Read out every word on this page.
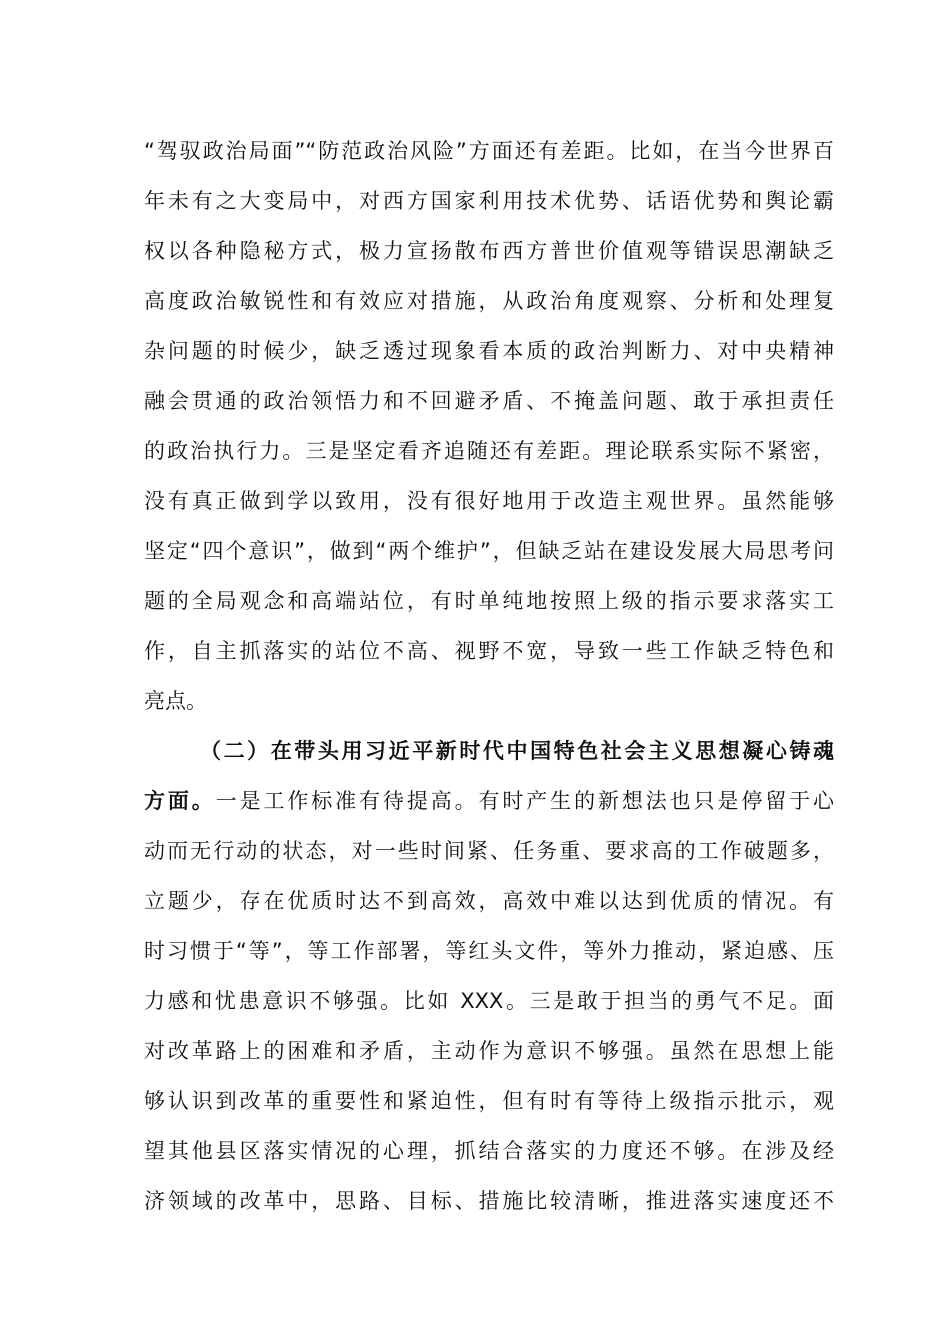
“驾驭政治局面”“防范政治风险”方面还有差距。比如，在当今世界百
年未有之大变局中，对西方国家利用技术优势、话语优势和舆论霸
权以各种隐秘方式，极力宣扬散布西方普世价值观等错误思潮缺乏
高度政治敏锐性和有效应对措施，从政治角度观察、分析和处理复
杂问题的时候少，缺乏透过现象看本质的政治判断力、对中央精神
融会贯通的政治领悟力和不回避矛盾、不掩盖问题、敢于承担责任
的政治执行力。三是坚定看齐追随还有差距。理论联系实际不紧密，
没有真正做到学以致用，没有很好地用于改造主观世界。虽然能够
坚定“四个意识”，做到“两个维护”，但缺乏站在建设发展大局思考问
题的全局观念和高端站位，有时单纯地按照上级的指示要求落实工
作，自主抓落实的站位不高、视野不宽，导致一些工作缺乏特色和
亮点。
（二）在带头用习近平新时代中国特色社会主义思想凝心铸魂
方面。一是工作标准有待提高。有时产生的新想法也只是停留于心
动而无行动的状态，对一些时间紧、任务重、要求高的工作破题多，
立题少，存在优质时达不到高效，高效中难以达到优质的情况。有
时习惯于“等”，等工作部署，等红头文件，等外力推动，紧迫感、压
力感和忧患意识不够强。比如 XXX。三是敢于担当的勇气不足。面
对改革路上的困难和矛盾，主动作为意识不够强。虽然在思想上能
够认识到改革的重要性和紧迫性，但有时有等待上级指示批示，观
望其他县区落实情况的心理，抓结合落实的力度还不够。在涉及经
济领域的改革中，思路、目标、措施比较清晰，推进落实速度还不
